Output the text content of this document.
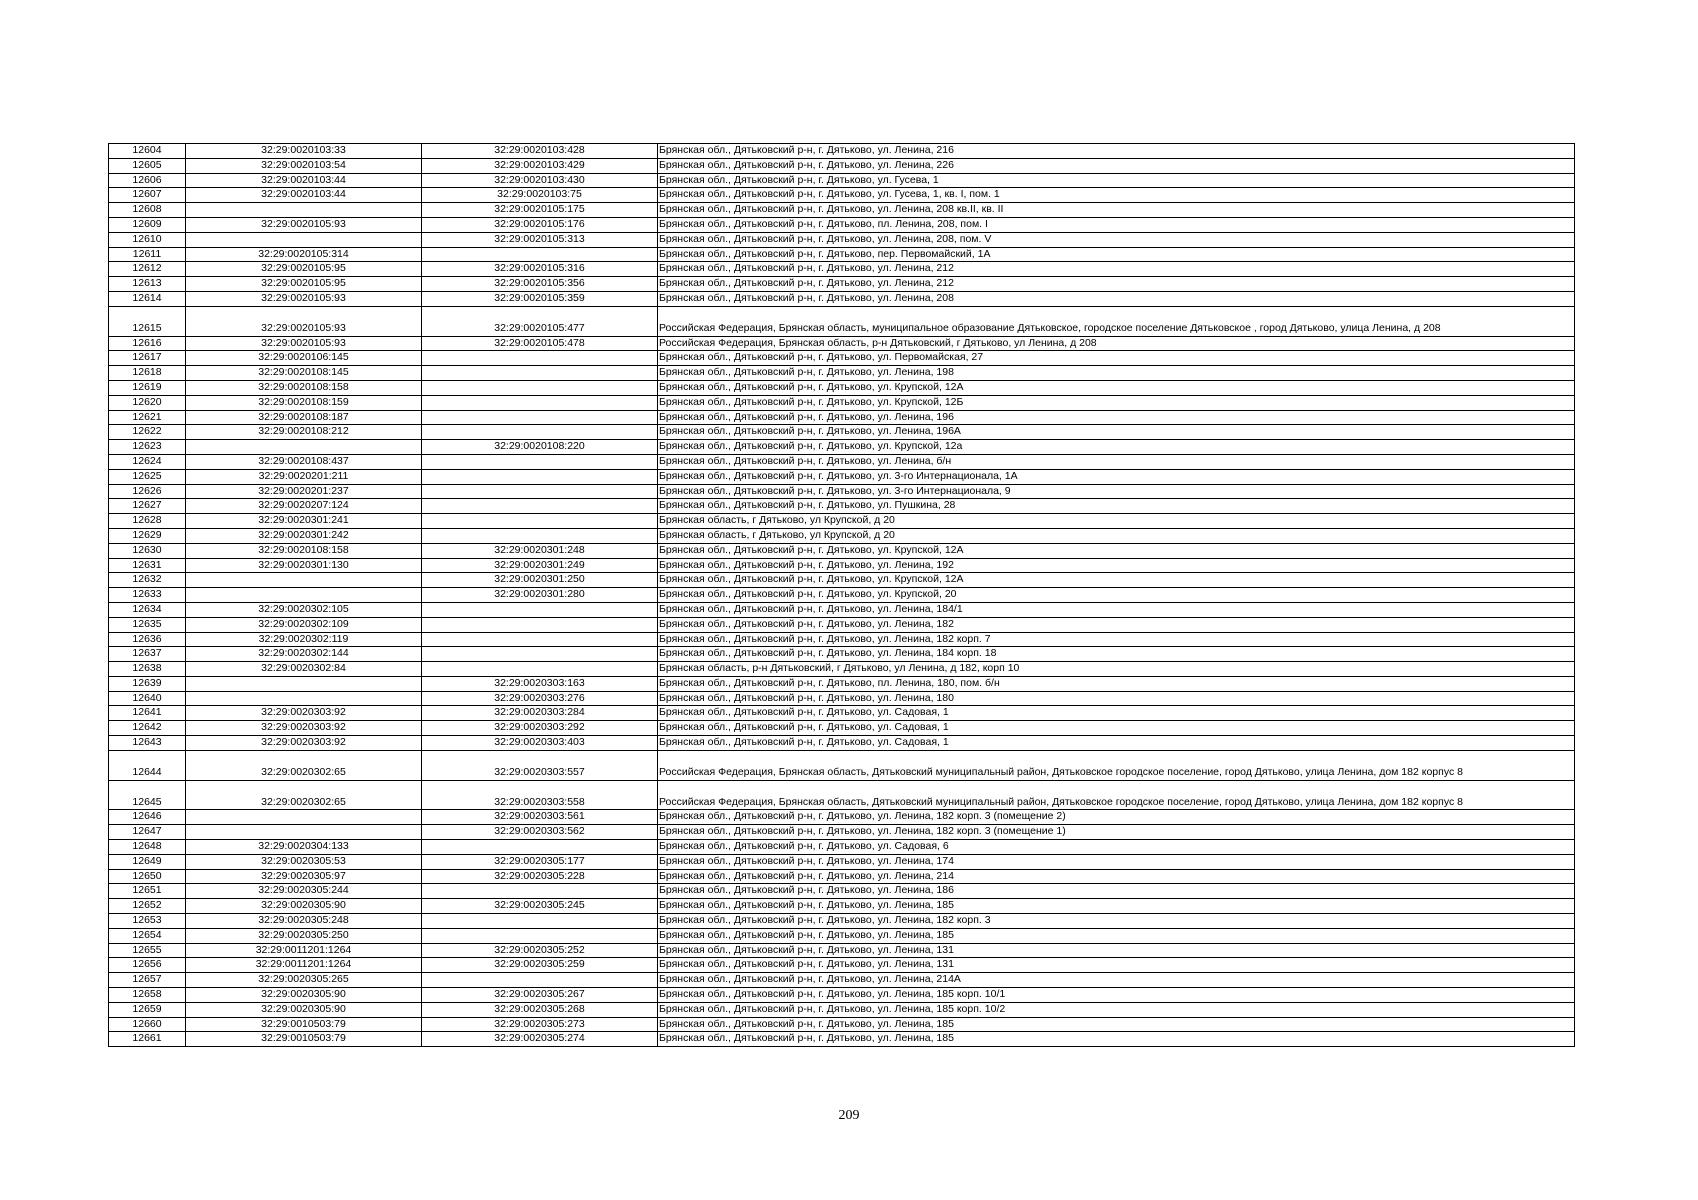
12604	32:29:0020103:33	32:29:0020103:428	Брянская обл., Дятьковский р-н, г. Дятьково, ул. Ленина, 216
12605	32:29:0020103:54	32:29:0020103:429	Брянская обл., Дятьковский р-н, г. Дятьково, ул. Ленина, 226
12606	32:29:0020103:44	32:29:0020103:430	Брянская обл., Дятьковский р-н, г. Дятьково, ул. Гусева, 1
12607	32:29:0020103:44	32:29:0020103:75	Брянская обл., Дятьковский р-н, г. Дятьково, ул. Гусева, 1, кв. I, пом. 1
12608		32:29:0020105:175	Брянская обл., Дятьковский р-н, г. Дятьково, ул. Ленина, 208 кв.II, кв. II
12609	32:29:0020105:93	32:29:0020105:176	Брянская обл., Дятьковский р-н, г. Дятьково, пл. Ленина, 208, пом. I
12610		32:29:0020105:313	Брянская обл., Дятьковский р-н, г. Дятьково, ул. Ленина, 208, пом. V
12611	32:29:0020105:314		Брянская обл., Дятьковский р-н, г. Дятьково, пер. Первомайский, 1А
12612	32:29:0020105:95	32:29:0020105:316	Брянская обл., Дятьковский р-н, г. Дятьково, ул. Ленина, 212
12613	32:29:0020105:95	32:29:0020105:356	Брянская обл., Дятьковский р-н, г. Дятьково, ул. Ленина, 212
12614	32:29:0020105:93	32:29:0020105:359	Брянская обл., Дятьковский р-н, г. Дятьково, ул. Ленина, 208
12615	32:29:0020105:93	32:29:0020105:477	Российская Федерация, Брянская область, муниципальное образование Дятьковское, городское поселение Дятьковское , город Дятьково, улица Ленина, д 208
12616	32:29:0020105:93	32:29:0020105:478	Российская Федерация, Брянская область, р-н Дятьковский, г Дятьково, ул Ленина, д 208
12617	32:29:0020106:145		Брянская обл., Дятьковский р-н, г. Дятьково, ул. Первомайская, 27
12618	32:29:0020108:145		Брянская обл., Дятьковский р-н, г. Дятьково, ул. Ленина, 198
12619	32:29:0020108:158		Брянская обл., Дятьковский р-н, г. Дятьково, ул. Крупской, 12А
12620	32:29:0020108:159		Брянская обл., Дятьковский р-н, г. Дятьково, ул. Крупской, 12Б
12621	32:29:0020108:187		Брянская обл., Дятьковский р-н, г. Дятьково, ул. Ленина, 196
12622	32:29:0020108:212		Брянская обл., Дятьковский р-н, г. Дятьково, ул. Ленина, 196А
12623		32:29:0020108:220	Брянская обл., Дятьковский р-н, г. Дятьково, ул. Крупской, 12а
12624	32:29:0020108:437		Брянская обл., Дятьковский р-н, г. Дятьково, ул. Ленина, б/н
12625	32:29:0020201:211		Брянская обл., Дятьковский р-н, г. Дятьково, ул. 3-го Интернационала, 1А
12626	32:29:0020201:237		Брянская обл., Дятьковский р-н, г. Дятьково, ул. 3-го Интернационала, 9
12627	32:29:0020207:124		Брянская обл., Дятьковский р-н, г. Дятьково, ул. Пушкина, 28
12628	32:29:0020301:241		Брянская область, г Дятьково, ул Крупской, д 20
12629	32:29:0020301:242		Брянская область, г Дятьково, ул Крупской, д 20
12630	32:29:0020108:158	32:29:0020301:248	Брянская обл., Дятьковский р-н, г. Дятьково, ул. Крупской, 12А
12631	32:29:0020301:130	32:29:0020301:249	Брянская обл., Дятьковский р-н, г. Дятьково, ул. Ленина, 192
12632		32:29:0020301:250	Брянская обл., Дятьковский р-н, г. Дятьково, ул. Крупской, 12А
12633		32:29:0020301:280	Брянская обл., Дятьковский р-н, г. Дятьково, ул. Крупской, 20
12634	32:29:0020302:105		Брянская обл., Дятьковский р-н, г. Дятьково, ул. Ленина, 184/1
12635	32:29:0020302:109		Брянская обл., Дятьковский р-н, г. Дятьково, ул. Ленина, 182
12636	32:29:0020302:119		Брянская обл., Дятьковский р-н, г. Дятьково, ул. Ленина, 182 корп. 7
12637	32:29:0020302:144		Брянская обл., Дятьковский р-н, г. Дятьково, ул. Ленина, 184 корп. 18
12638	32:29:0020302:84		Брянская область, р-н Дятьковский, г Дятьково, ул Ленина, д 182, корп 10
12639		32:29:0020303:163	Брянская обл., Дятьковский р-н, г. Дятьково, пл. Ленина, 180, пом. б/н
12640		32:29:0020303:276	Брянская обл., Дятьковский р-н, г. Дятьково, ул. Ленина, 180
12641	32:29:0020303:92	32:29:0020303:284	Брянская обл., Дятьковский р-н, г. Дятьково, ул. Садовая, 1
12642	32:29:0020303:92	32:29:0020303:292	Брянская обл., Дятьковский р-н, г. Дятьково, ул. Садовая, 1
12643	32:29:0020303:92	32:29:0020303:403	Брянская обл., Дятьковский р-н, г. Дятьково, ул. Садовая, 1
12644	32:29:0020302:65	32:29:0020303:557	Российская Федерация, Брянская область, Дятьковский муниципальный район, Дятьковское городское поселение, город Дятьково, улица Ленина, дом 182 корпус 8
12645	32:29:0020302:65	32:29:0020303:558	Российская Федерация, Брянская область, Дятьковский муниципальный район, Дятьковское городское поселение, город Дятьково, улица Ленина, дом 182 корпус 8
12646		32:29:0020303:561	Брянская обл., Дятьковский р-н, г. Дятьково, ул. Ленина, 182 корп. 3 (помещение 2)
12647		32:29:0020303:562	Брянская обл., Дятьковский р-н, г. Дятьково, ул. Ленина, 182 корп. 3 (помещение 1)
12648	32:29:0020304:133		Брянская обл., Дятьковский р-н, г. Дятьково, ул. Садовая, 6
12649	32:29:0020305:53	32:29:0020305:177	Брянская обл., Дятьковский р-н, г. Дятьково, ул. Ленина, 174
12650	32:29:0020305:97	32:29:0020305:228	Брянская обл., Дятьковский р-н, г. Дятьково, ул. Ленина, 214
12651	32:29:0020305:244		Брянская обл., Дятьковский р-н, г. Дятьково, ул. Ленина, 186
12652	32:29:0020305:90	32:29:0020305:245	Брянская обл., Дятьковский р-н, г. Дятьково, ул. Ленина, 185
12653	32:29:0020305:248		Брянская обл., Дятьковский р-н, г. Дятьково, ул. Ленина, 182 корп. 3
12654	32:29:0020305:250		Брянская обл., Дятьковский р-н, г. Дятьково, ул. Ленина, 185
12655	32:29:0011201:1264	32:29:0020305:252	Брянская обл., Дятьковский р-н, г. Дятьково, ул. Ленина, 131
12656	32:29:0011201:1264	32:29:0020305:259	Брянская обл., Дятьковский р-н, г. Дятьково, ул. Ленина, 131
12657	32:29:0020305:265		Брянская обл., Дятьковский р-н, г. Дятьково, ул. Ленина, 214А
12658	32:29:0020305:90	32:29:0020305:267	Брянская обл., Дятьковский р-н, г. Дятьково, ул. Ленина, 185 корп. 10/1
12659	32:29:0020305:90	32:29:0020305:268	Брянская обл., Дятьковский р-н, г. Дятьково, ул. Ленина, 185 корп. 10/2
12660	32:29:0010503:79	32:29:0020305:273	Брянская обл., Дятьковский р-н, г. Дятьково, ул. Ленина, 185
12661	32:29:0010503:79	32:29:0020305:274	Брянская обл., Дятьковский р-н, г. Дятьково, ул. Ленина, 185
209
